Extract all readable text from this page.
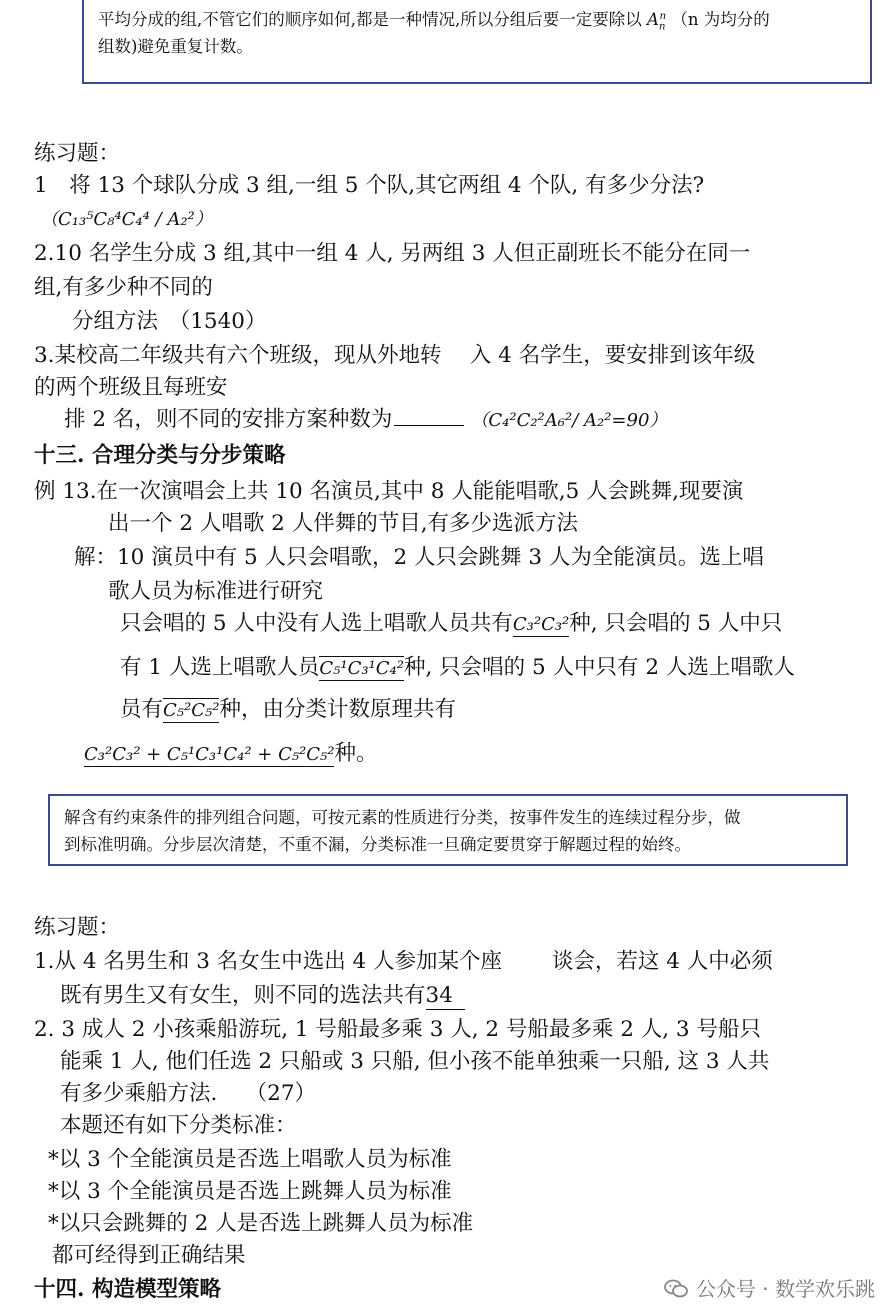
平均分成的组,不管它们的顺序如何,都是一种情况,所以分组后要一定要除以 $A_n^n$ （n 为均分的
组数)避免重复计数。
练习题：
1　将 13 个球队分成 3 组,一组 5 个队,其它两组 4 个队, 有多少分法?
（C₁₃⁵C₈⁴C₄⁴ / A₂²）
2.10 名学生分成 3 组,其中一组 4 人, 另两组 3 人但正副班长不能分在同一
组,有多少种不同的
分组方法　（1540）
3.某校高二年级共有六个班级，现从外地转　 入 4 名学生，要安排到该年级
的两个班级且每班安
排 2 名，则不同的安排方案种数为	（C₄²C₂²A₆²/ A₂²=90）
十三. 合理分类与分步策略
例 13.在一次演唱会上共 10 名演员,其中 8 人能能唱歌,5 人会跳舞,现要演
出一个 2 人唱歌 2 人伴舞的节目,有多少选派方法
解：10 演员中有 5 人只会唱歌，2 人只会跳舞 3 人为全能演员。选上唱
歌人员为标准进行研究
只会唱的 5 人中没有人选上唱歌人员共有C₃²C₃²种, 只会唱的 5 人中只
有 1 人选上唱歌人员C₅¹C₃¹C₄²种, 只会唱的 5 人中只有 2 人选上唱歌人
员有C₅²C₅²种，由分类计数原理共有
C₃²C₃² + C₅¹C₃¹C₄² + C₅²C₅²种。
解含有约束条件的排列组合问题，可按元素的性质进行分类，按事件发生的连续过程分步，做
到标准明确。分步层次清楚，不重不漏，分类标准一旦确定要贯穿于解题过程的始终。
练习题：
1.从 4 名男生和 3 名女生中选出 4 人参加某个座　　 谈会，若这 4 人中必须
既有男生又有女生，则不同的选法共有34
2. 3 成人 2 小孩乘船游玩, 1 号船最多乘 3 人, 2 号船最多乘 2 人, 3 号船只
能乘 1 人, 他们任选 2 只船或 3 只船, 但小孩不能单独乘一只船, 这 3 人共
有多少乘船方法.　 （27）
本题还有如下分类标准：
*以 3 个全能演员是否选上唱歌人员为标准
*以 3 个全能演员是否选上跳舞人员为标准
*以只会跳舞的 2 人是否选上跳舞人员为标准
都可经得到正确结果
十四. 构造模型策略	公众号 · 数学欢乐跳
